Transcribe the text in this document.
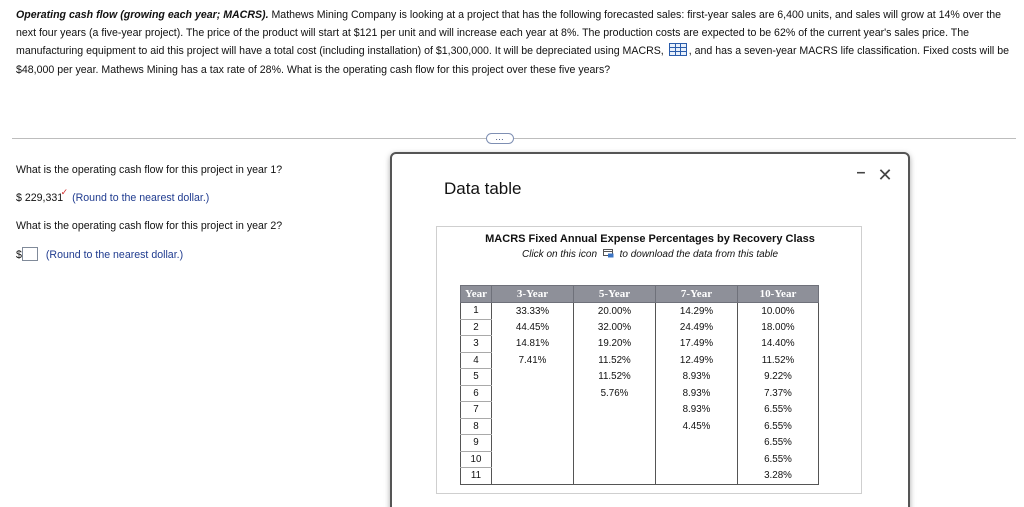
Operating cash flow (growing each year; MACRS). Mathews Mining Company is looking at a project that has the following forecasted sales: first-year sales are 6,400 units, and sales will grow at 14% over the next four years (a five-year project). The price of the product will start at $121 per unit and will increase each year at 8%. The production costs are expected to be 62% of the current year's sales price. The manufacturing equipment to aid this project will have a total cost (including installation) of $1,300,000. It will be depreciated using MACRS, , and has a seven-year MACRS life classification. Fixed costs will be $48,000 per year. Mathews Mining has a tax rate of 28%. What is the operating cash flow for this project over these five years?
…
What is the operating cash flow for this project in year 1?
$ 229,331
✓ (Round to the nearest dollar.)
What is the operating cash flow for this project in year 2?
$ (Round to the nearest dollar.)
Data table
– ✕
MACRS Fixed Annual Expense Percentages by Recovery Class
Click on this icon to download the data from this table
Year	3-Year	5-Year	7-Year	10-Year
1	33.33%	20.00%	14.29%	10.00%
2	44.45%	32.00%	24.49%	18.00%
3	14.81%	19.20%	17.49%	14.40%
4	7.41%	11.52%	12.49%	11.52%
5		11.52%	8.93%	9.22%
6		5.76%	8.93%	7.37%
7			8.93%	6.55%
8			4.45%	6.55%
9				6.55%
10				6.55%
11				3.28%
